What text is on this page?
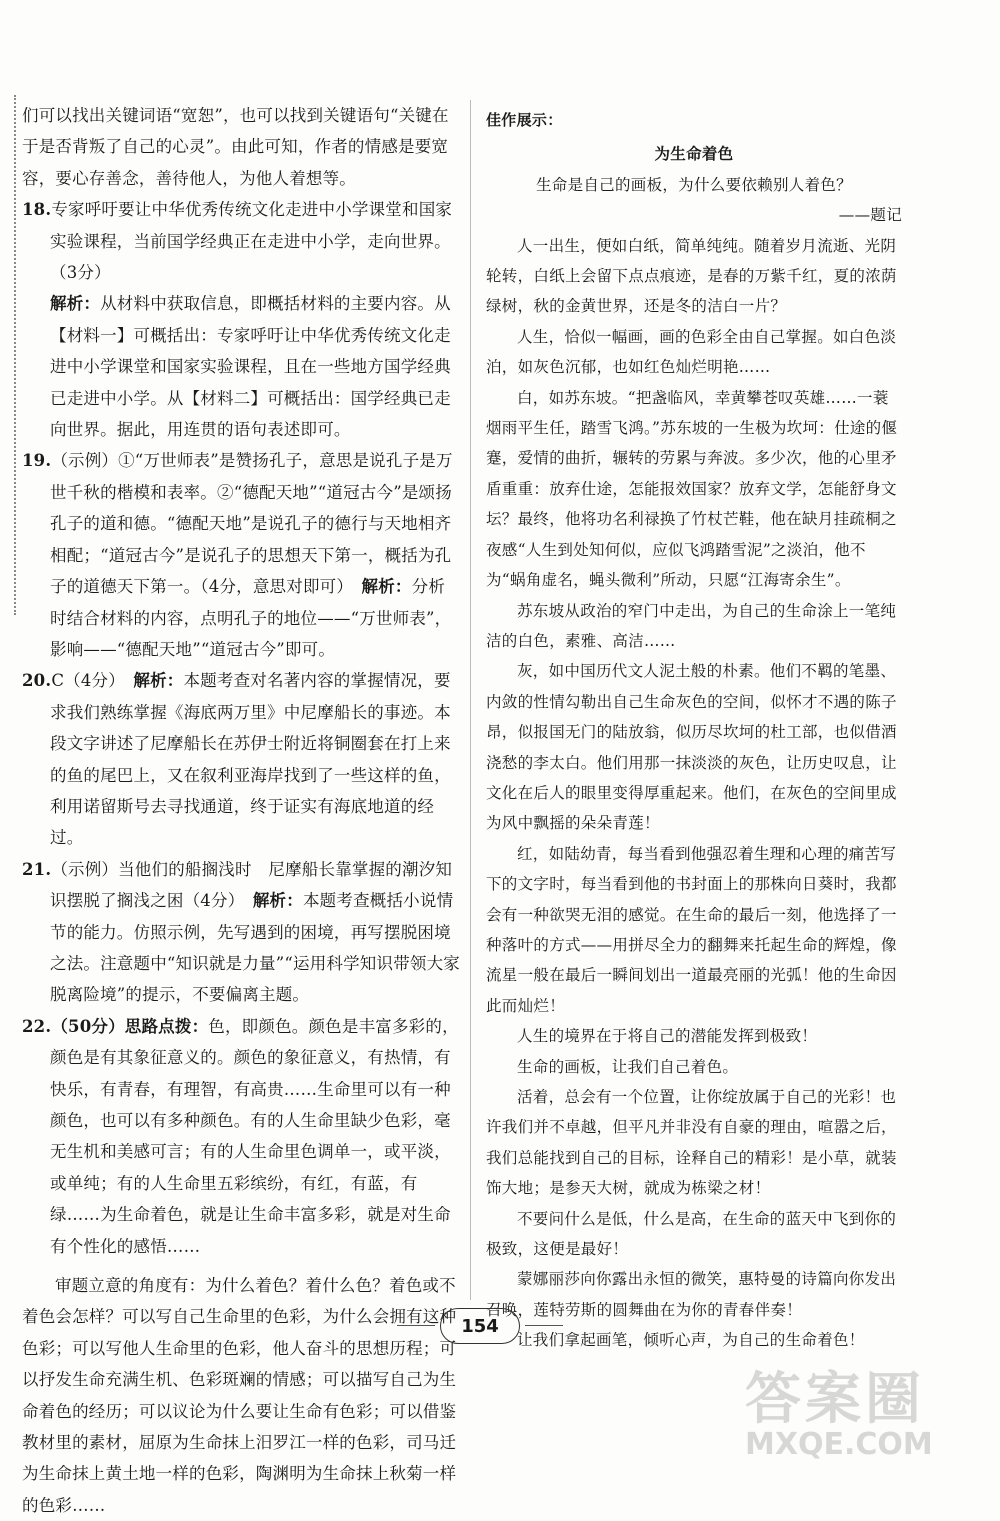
们可以找出关键词语“宽恕”，也可以找到关键语句“关键在于是否背叛了自己的心灵”。由此可知，作者的情感是要宽容，要心存善念，善待他人，为他人着想等。

18.专家呼吁要让中华优秀传统文化走进中小学课堂和国家实验课程，当前国学经典正在走进中小学，走向世界。（3分）

解析：从材料中获取信息，即概括材料的主要内容。从【材料一】可概括出：专家呼吁让中华优秀传统文化走进中小学课堂和国家实验课程，且在一些地方国学经典已走进中小学。从【材料二】可概括出：国学经典已走向世界。据此，用连贯的语句表述即可。

19.（示例）①“万世师表”是赞扬孔子，意思是说孔子是万世千秋的楷模和表率。②“德配天地”“道冠古今”是颂扬孔子的道和德。“德配天地”是说孔子的德行与天地相齐相配；“道冠古今”是说孔子的思想天下第一，概括为孔子的道德天下第一。（4分，意思对即可）　 解析：分析时结合材料的内容，点明孔子的地位——“万世师表”，影响——“德配天地”“道冠古今”即可。

20.C（4分）　 解析：本题考查对名著内容的掌握情况，要求我们熟练掌握《海底两万里》中尼摩船长的事迹。本段文字讲述了尼摩船长在苏伊士附近将铜圈套在打上来的鱼的尾巴上，又在叙利亚海岸找到了一些这样的鱼，利用诺留斯号去寻找通道，终于证实有海底地道的经过。

21.（示例）当他们的船搁浅时　尼摩船长靠掌握的潮汐知识摆脱了搁浅之困（4分）　 解析：本题考查概括小说情节的能力。仿照示例，先写遇到的困境，再写摆脱困境之法。注意题中“知识就是力量”“运用科学知识带领大家脱离险境”的提示，不要偏离主题。

22.（50分）思路点拨：色，即颜色。颜色是丰富多彩的，颜色是有其象征意义的。颜色的象征意义，有热情，有快乐，有青春，有理智，有高贵……生命里可以有一种颜色，也可以有多种颜色。有的人生命里缺少色彩，毫无生机和美感可言；有的人生命里色调单一，或平淡，或单纯；有的人生命里五彩缤纷，有红，有蓝，有绿……为生命着色，就是让生命丰富多彩，就是对生命有个性化的感悟……

审题立意的角度有：为什么着色？着什么色？着色或不着色会怎样？可以写自己生命里的色彩，为什么会拥有这种色彩；可以写他人生命里的色彩，他人奋斗的思想历程；可以抒发生命充满生机、色彩斑斓的情感；可以描写自己为生命着色的经历；可以议论为什么要让生命有色彩；可以借鉴教材里的素材，屈原为生命抹上汨罗江一样的色彩，司马迁为生命抹上黄土地一样的色彩，陶渊明为生命抹上秋菊一样的色彩……

佳作展示：

为生命着色

生命是自己的画板，为什么要依赖别人着色？

——题记

人一出生，便如白纸，简单纯纯。随着岁月流逝、光阴轮转，白纸上会留下点点痕迹，是春的万紫千红，夏的浓荫绿树，秋的金黄世界，还是冬的洁白一片？

人生，恰似一幅画，画的色彩全由自己掌握。如白色淡泊，如灰色沉郁，也如红色灿烂明艳……

白，如苏东坡。“把盏临风，幸黄攀苍叹英雄……一蓑烟雨平生任，踏雪飞鸿。”苏东坡的一生极为坎坷：仕途的偃蹇，爱情的曲折，辗转的劳累与奔波。多少次，他的心里矛盾重重：放弃仕途，怎能报效国家？放弃文学，怎能舒身文坛？最终，他将功名利禄换了竹杖芒鞋，他在缺月挂疏桐之夜感“人生到处知何似，应似飞鸿踏雪泥”之淡泊，他不为“蜗角虚名，蝇头微利”所动，只愿“江海寄余生”。

苏东坡从政治的窄门中走出，为自己的生命涂上一笔纯洁的白色，素雅、高洁……

灰，如中国历代文人泥土般的朴素。他们不羁的笔墨、内敛的性情勾勒出自己生命灰色的空间，似怀才不遇的陈子昂，似报国无门的陆放翁，似历尽坎坷的杜工部，也似借酒浇愁的李太白。他们用那一抹淡淡的灰色，让历史叹息，让文化在后人的眼里变得厚重起来。他们，在灰色的空间里成为风中飘摇的朵朵青莲！

红，如陆幼青，每当看到他强忍着生理和心理的痛苦写下的文字时，每当看到他的书封面上的那株向日葵时，我都会有一种欲哭无泪的感觉。在生命的最后一刻，他选择了一种落叶的方式——用拼尽全力的翻舞来托起生命的辉煌，像流星一般在最后一瞬间划出一道最亮丽的光弧！他的生命因此而灿烂！

人生的境界在于将自己的潜能发挥到极致！

生命的画板，让我们自己着色。

活着，总会有一个位置，让你绽放属于自己的光彩！也许我们并不卓越，但平凡并非没有自豪的理由，喧嚣之后，我们总能找到自己的目标，诠释自己的精彩！是小草，就装饰大地；是参天大树，就成为栋梁之材！

不要问什么是低，什么是高，在生命的蓝天中飞到你的极致，这便是最好！

蒙娜丽莎向你露出永恒的微笑，惠特曼的诗篇向你发出召唤，莲特劳斯的圆舞曲在为你的青春伴奏！

让我们拿起画笔，倾听心声，为自己的生命着色！

154
答案圈
MXQE.COM
